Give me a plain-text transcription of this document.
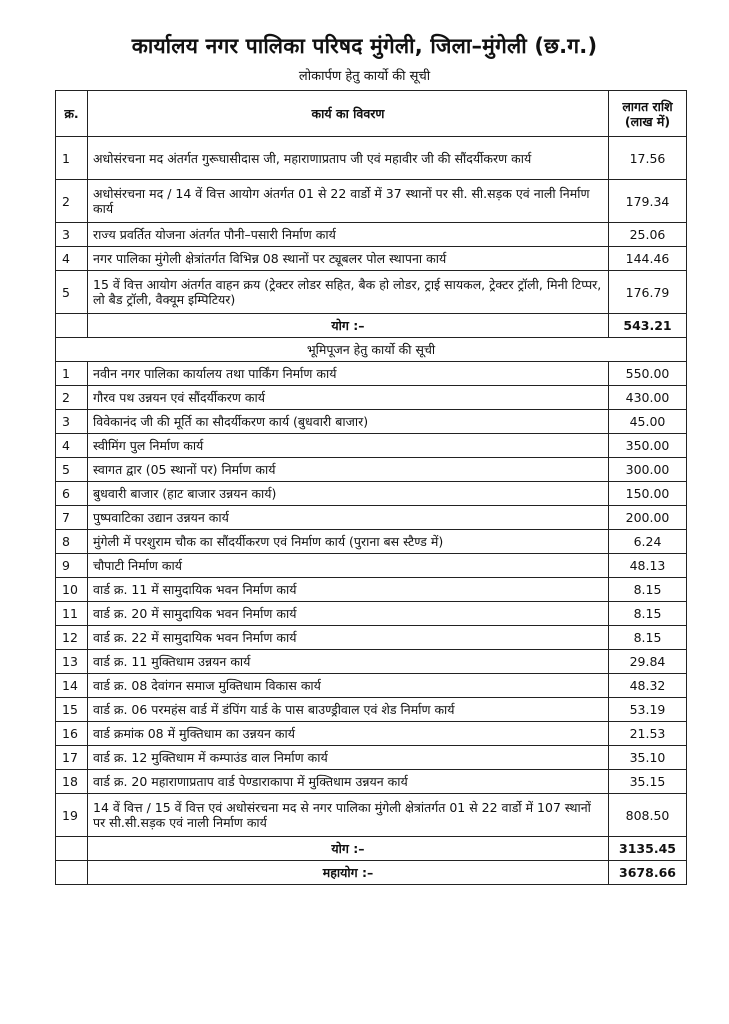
कार्यालय नगर पालिका परिषद मुंगेली, जिला–मुंगेली (छ.ग.)
लोकार्पण हेतु कार्यो की सूची
क्र.	कार्य का विवरण	लागत राशि
(लाख में)

1	अधोसंरचना मद अंतर्गत गुरूघासीदास जी, महाराणाप्रताप जी एवं महावीर जी की सौंदर्यीकरण कार्य	17.56
2	अधोसंरचना मद / 14 वें वित्त आयोग अंतर्गत 01 से 22 वार्डो में 37 स्थानों पर सी. सी.सड़क एवं नाली निर्माण कार्य	179.34
3	राज्य प्रवर्तित योजना अंतर्गत पौनी–पसारी निर्माण कार्य	25.06
4	नगर पालिका मुंगेली क्षेत्रांतर्गत विभिन्न 08 स्थानों पर ट्यूबलर पोल स्थापना कार्य	144.46
5	15 वें वित्त आयोग अंतर्गत वाहन क्रय (ट्रेक्टर लोडर सहित, बैक हो लोडर, ट्राई सायकल, ट्रेक्टर ट्रॉली, मिनी टिप्पर, लो बैड ट्रॉली, वैक्यूम इम्पिटियर)	176.79
	योग :–	543.21
भूमिपूजन हेतु कार्यो की सूची		
1	नवीन नगर पालिका कार्यालय तथा पार्किंग निर्माण कार्य	550.00
2	गौरव पथ उन्नयन एवं सौंदर्यीकरण कार्य	430.00
3	विवेकानंद जी की मूर्ति का सौदर्यीकरण कार्य (बुधवारी बाजार)	45.00
4	स्वीमिंग पुल निर्माण कार्य	350.00
5	स्वागत द्वार (05 स्थानों पर) निर्माण कार्य	300.00
6	बुधवारी बाजार (हाट बाजार उन्नयन कार्य)	150.00
7	पुष्पवाटिका उद्यान उन्नयन कार्य	200.00
8	मुंगेली में परशुराम चौक का सौंदर्यीकरण एवं निर्माण कार्य (पुराना बस स्टैण्ड में)	6.24
9	चौपाटी निर्माण कार्य	48.13
10	वार्ड क्र. 11 में सामुदायिक भवन निर्माण कार्य	8.15
11	वार्ड क्र. 20 में सामुदायिक भवन निर्माण कार्य	8.15
12	वार्ड क्र. 22 में सामुदायिक भवन निर्माण कार्य	8.15
13	वार्ड क्र. 11 मुक्तिधाम उन्नयन कार्य	29.84
14	वार्ड क्र. 08 देवांगन समाज मुक्तिधाम विकास कार्य	48.32
15	वार्ड क्र. 06 परमहंस वार्ड में डंपिंग यार्ड के पास बाउण्ड्रीवाल एवं शेड निर्माण कार्य	53.19
16	वार्ड क्रमांक 08 में मुक्तिधाम का उन्नयन कार्य	21.53
17	वार्ड क्र. 12 मुक्तिधाम में कम्पाउंड वाल निर्माण कार्य	35.10
18	वार्ड क्र. 20 महाराणाप्रताप वार्ड पेण्डाराकापा में मुक्तिधाम उन्नयन कार्य	35.15
19	14 वें वित्त / 15 वें वित्त एवं अधोसंरचना मद से नगर पालिका मुंगेली क्षेत्रांतर्गत 01 से 22 वार्डो में 107 स्थानों पर सी.सी.सड़क एवं नाली निर्माण कार्य	808.50
	योग :–	3135.45
	महायोग :–	3678.66
